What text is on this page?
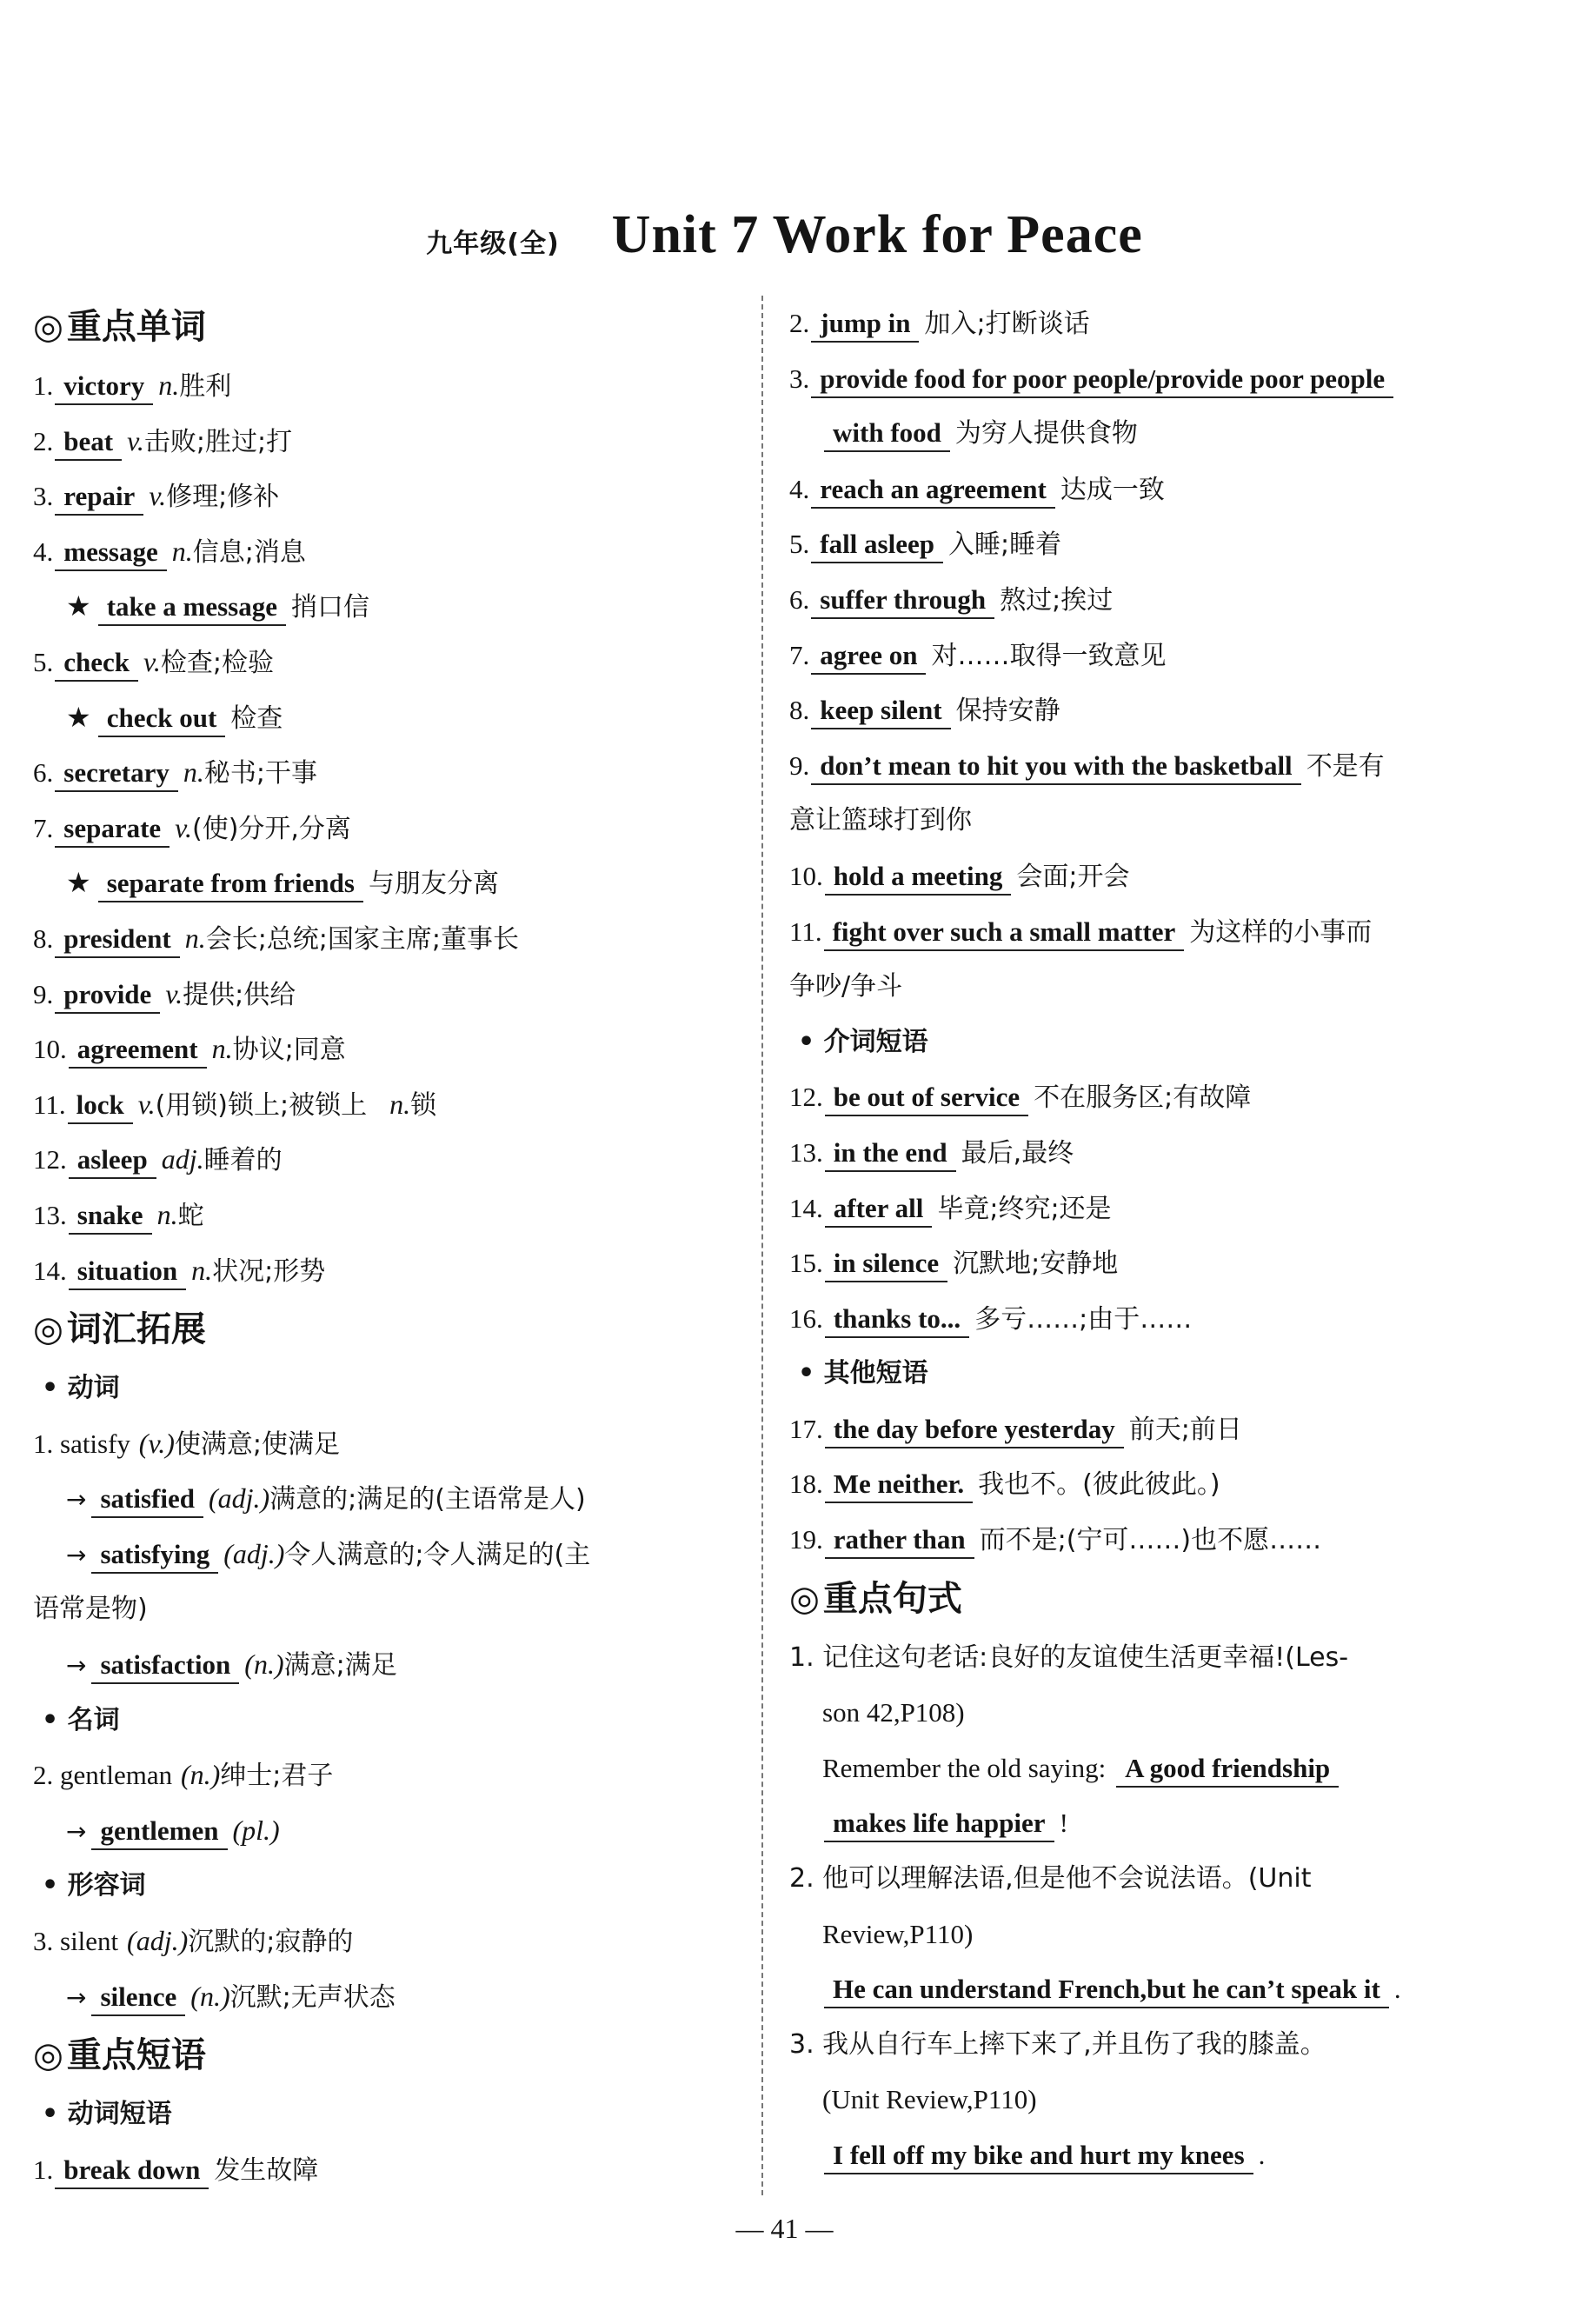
九年级(全) Unit 7 Work for Peace
◎ 重点单词
1. victory n.胜利
2. beat v.击败;胜过;打
3. repair v.修理;修补
4. message n.信息;消息
★ take a message 捎口信
5. check v.检查;检验
★ check out 检查
6. secretary n.秘书;干事
7. separate v.(使)分开,分离
★ separate from friends 与朋友分离
8. president n.会长;总统;国家主席;董事长
9. provide v.提供;供给
10. agreement n.协议;同意
11. lock v.(用锁)锁上;被锁上 n.锁
12. asleep adj.睡着的
13. snake n.蛇
14. situation n.状况;形势
◎ 词汇拓展
• 动词
1. satisfy (v.)使满意;使满足
→ satisfied (adj.)满意的;满足的(主语常是人)
→ satisfying (adj.)令人满意的;令人满足的(主
语常是物)
→ satisfaction (n.)满意;满足
• 名词
2. gentleman (n.)绅士;君子
→ gentlemen (pl.)
• 形容词
3. silent (adj.)沉默的;寂静的
→ silence (n.)沉默;无声状态
◎ 重点短语
• 动词短语
1. break down 发生故障
2. jump in 加入;打断谈话
3. provide food for poor people/provide poor people
with food 为穷人提供食物
4. reach an agreement 达成一致
5. fall asleep 入睡;睡着
6. suffer through 熬过;挨过
7. agree on 对……取得一致意见
8. keep silent 保持安静
9. don’t mean to hit you with the basketball 不是有
意让篮球打到你
10. hold a meeting 会面;开会
11. fight over such a small matter 为这样的小事而
争吵/争斗
• 介词短语
12. be out of service 不在服务区;有故障
13. in the end 最后,最终
14. after all 毕竟;终究;还是
15. in silence 沉默地;安静地
16. thanks to... 多亏……;由于……
• 其他短语
17. the day before yesterday 前天;前日
18. Me neither. 我也不。(彼此彼此。)
19. rather than 而不是;(宁可……)也不愿……
◎ 重点句式
1. 记住这句老话:良好的友谊使生活更幸福!(Les-
son 42,P108)
Remember the old saying: A good friendship
makes life happier !
2. 他可以理解法语,但是他不会说法语。(Unit
Review,P110)
He can understand French,but he can’t speak it .
3. 我从自行车上摔下来了,并且伤了我的膝盖。
(Unit Review,P110)
I fell off my bike and hurt my knees .
— 41 —
